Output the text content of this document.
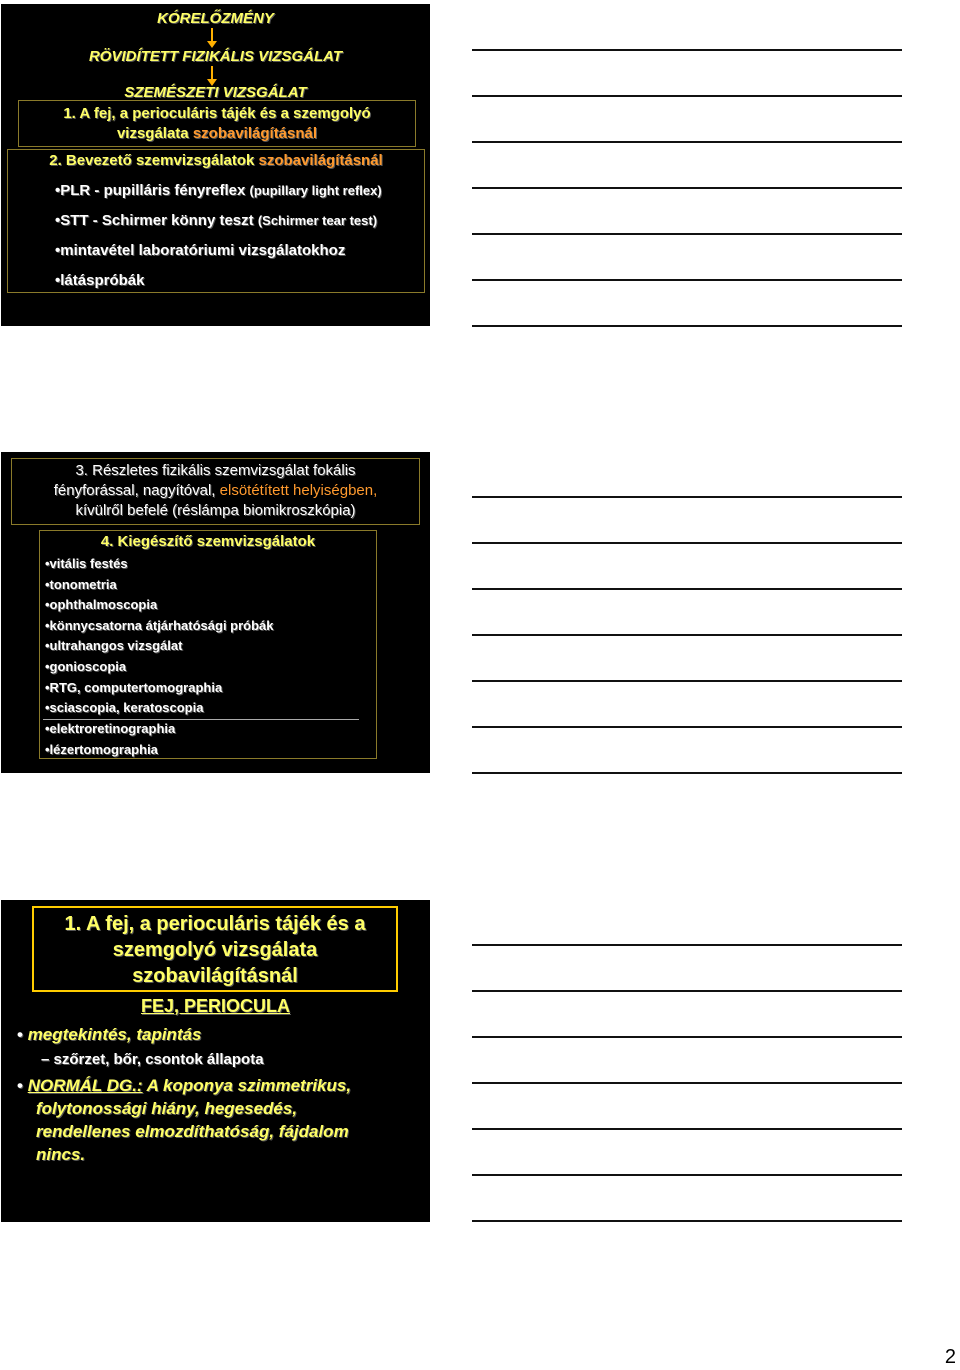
KÓRELŐZMÉNY
RÖVIDÍTETT FIZIKÁLIS VIZSGÁLAT
SZEMÉSZETI VIZSGÁLAT
1. A fej, a perioculáris tájék és a szemgolyó
vizsgálata szobavilágításnál
2. Bevezető szemvizsgálatok szobavilágításnál
•PLR - pupilláris fényreflex (pupillary light reflex)
•STT - Schirmer könny teszt (Schirmer tear test)
•mintavétel laboratóriumi vizsgálatokhoz
•látáspróbák
3. Részletes fizikális szemvizsgálat fokális
fényforással, nagyítóval, elsötétített helyiségben,
kívülről befelé (réslámpa biomikroszkópia)
4. Kiegészítő szemvizsgálatok
•vitális festés
•tonometria
•ophthalmoscopia
•könnycsatorna átjárhatósági próbák
•ultrahangos vizsgálat
•gonioscopia
•RTG, computertomographia
•sciascopia, keratoscopia
•elektroretinographia
•lézertomographia
1. A fej, a perioculáris tájék és a
szemgolyó vizsgálata
szobavilágításnál
FEJ, PERIOCULA
• megtekintés, tapintás
– szőrzet, bőr, csontok állapota
• NORMÁL DG.: A koponya szimmetrikus,
folytonossági hiány, hegesedés,
rendellenes elmozdíthatóság, fájdalom
nincs.
2
